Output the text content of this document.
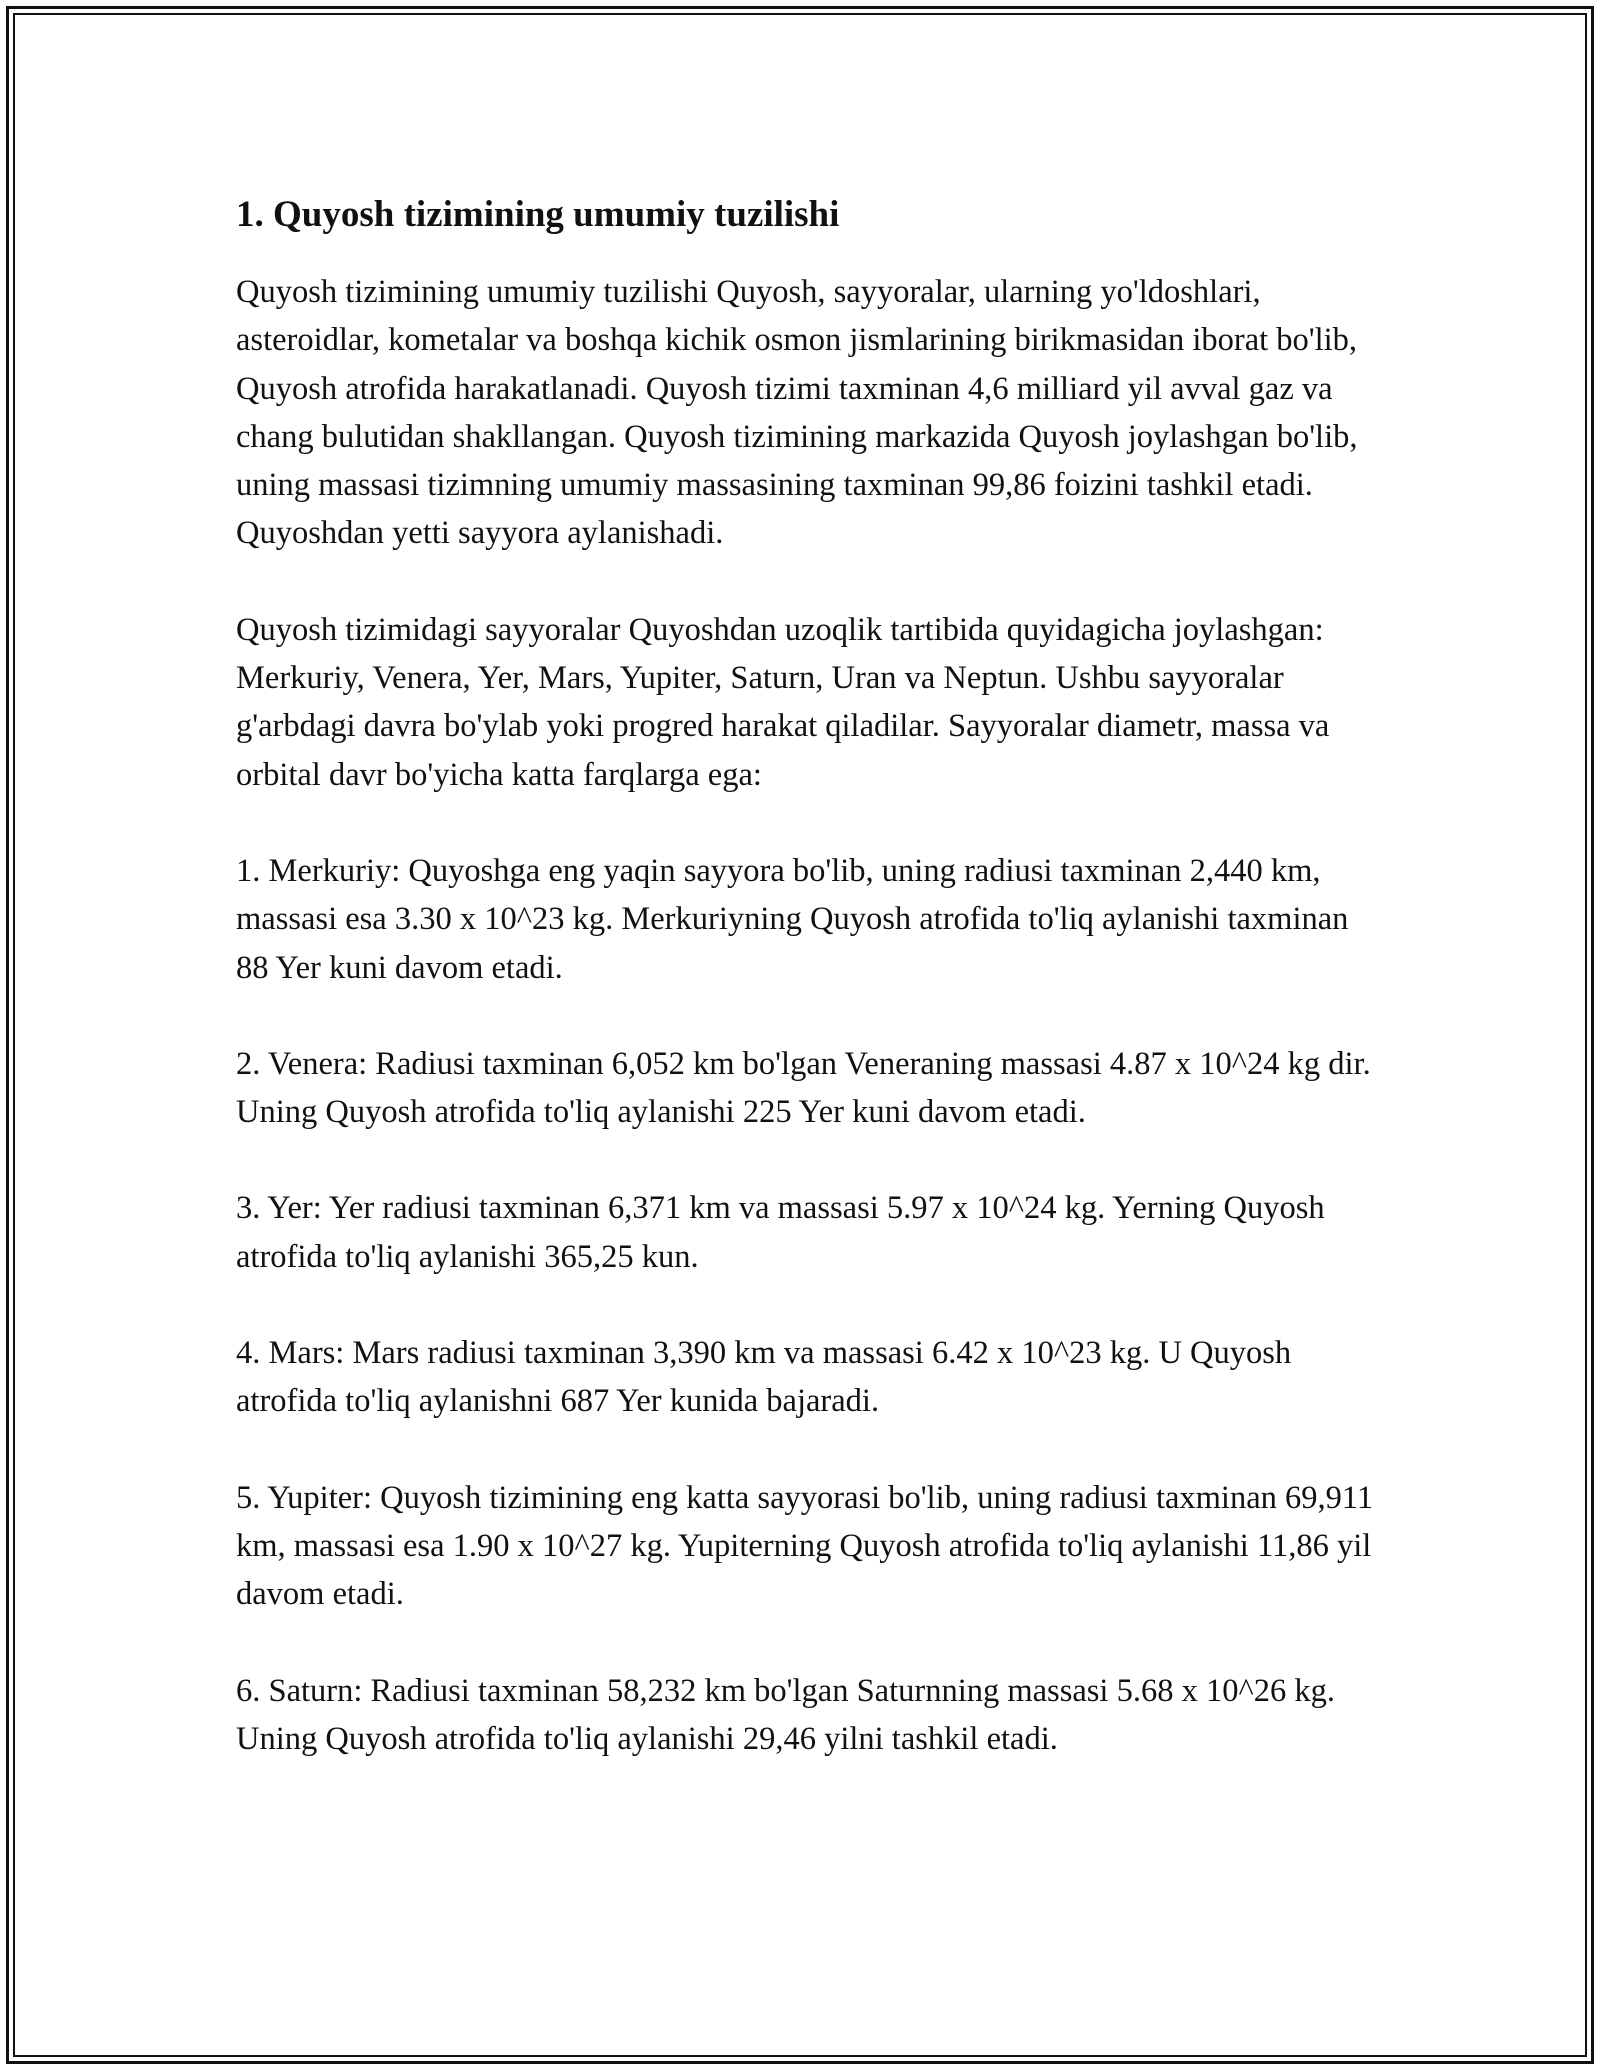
1. Quyosh tizimining umumiy tuzilishi

Quyosh tizimining umumiy tuzilishi Quyosh, sayyoralar, ularning yo'ldoshlari, asteroidlar, kometalar va boshqa kichik osmon jismlarining birikmasidan iborat bo'lib, Quyosh atrofida harakatlanadi. Quyosh tizimi taxminan 4,6 milliard yil avval gaz va chang bulutidan shakllangan. Quyosh tizimining markazida Quyosh joylashgan bo'lib, uning massasi tizimning umumiy massasining taxminan 99,86 foizini tashkil etadi. Quyoshdan yetti sayyora aylanishadi.

Quyosh tizimidagi sayyoralar Quyoshdan uzoqlik tartibida quyidagicha joylashgan: Merkuriy, Venera, Yer, Mars, Yupiter, Saturn, Uran va Neptun. Ushbu sayyoralar g'arbdagi davra bo'ylab yoki progred harakat qiladilar. Sayyoralar diametr, massa va orbital davr bo'yicha katta farqlarga ega:

1. Merkuriy: Quyoshga eng yaqin sayyora bo'lib, uning radiusi taxminan 2,440 km, massasi esa 3.30 x 10^23 kg. Merkuriyning Quyosh atrofida to'liq aylanishi taxminan 88 Yer kuni davom etadi.

2. Venera: Radiusi taxminan 6,052 km bo'lgan Veneraning massasi 4.87 x 10^24 kg dir. Uning Quyosh atrofida to'liq aylanishi 225 Yer kuni davom etadi.

3. Yer: Yer radiusi taxminan 6,371 km va massasi 5.97 x 10^24 kg. Yerning Quyosh atrofida to'liq aylanishi 365,25 kun.

4. Mars: Mars radiusi taxminan 3,390 km va massasi 6.42 x 10^23 kg. U Quyosh atrofida to'liq aylanishni 687 Yer kunida bajaradi.

5. Yupiter: Quyosh tizimining eng katta sayyorasi bo'lib, uning radiusi taxminan 69,911 km, massasi esa 1.90 x 10^27 kg. Yupiterning Quyosh atrofida to'liq aylanishi 11,86 yil davom etadi.

6. Saturn: Radiusi taxminan 58,232 km bo'lgan Saturnning massasi 5.68 x 10^26 kg. Uning Quyosh atrofida to'liq aylanishi 29,46 yilni tashkil etadi.
